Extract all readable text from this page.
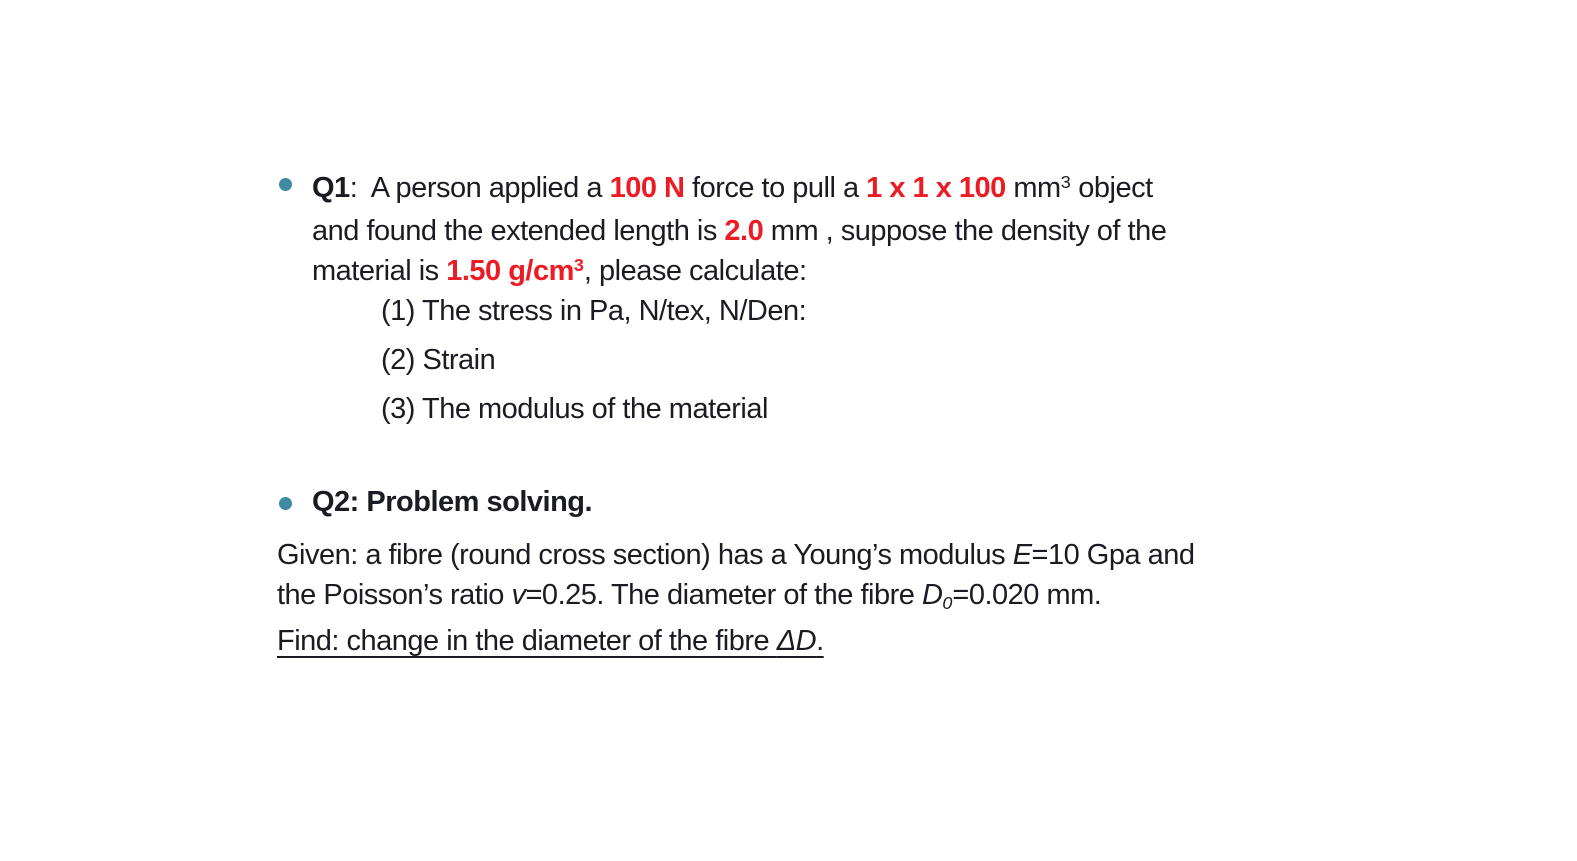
Q1:  A person applied a 100 N force to pull a 1 x 1 x 100 $mm^3$ object
and found the extended length is 2.0 mm , suppose the density of the
material is 1.50 $g/cm^3$, please calculate:
(1) The stress in Pa, N/tex, N/Den:
(2) Strain
(3) The modulus of the material
Q2: Problem solving.
Given: a fibre (round cross section) has a Young’s modulus E=10 Gpa and
the Poisson’s ratio v=0.25. The diameter of the fibre D0=0.020 mm.
Find: change in the diameter of the fibre ΔD.
